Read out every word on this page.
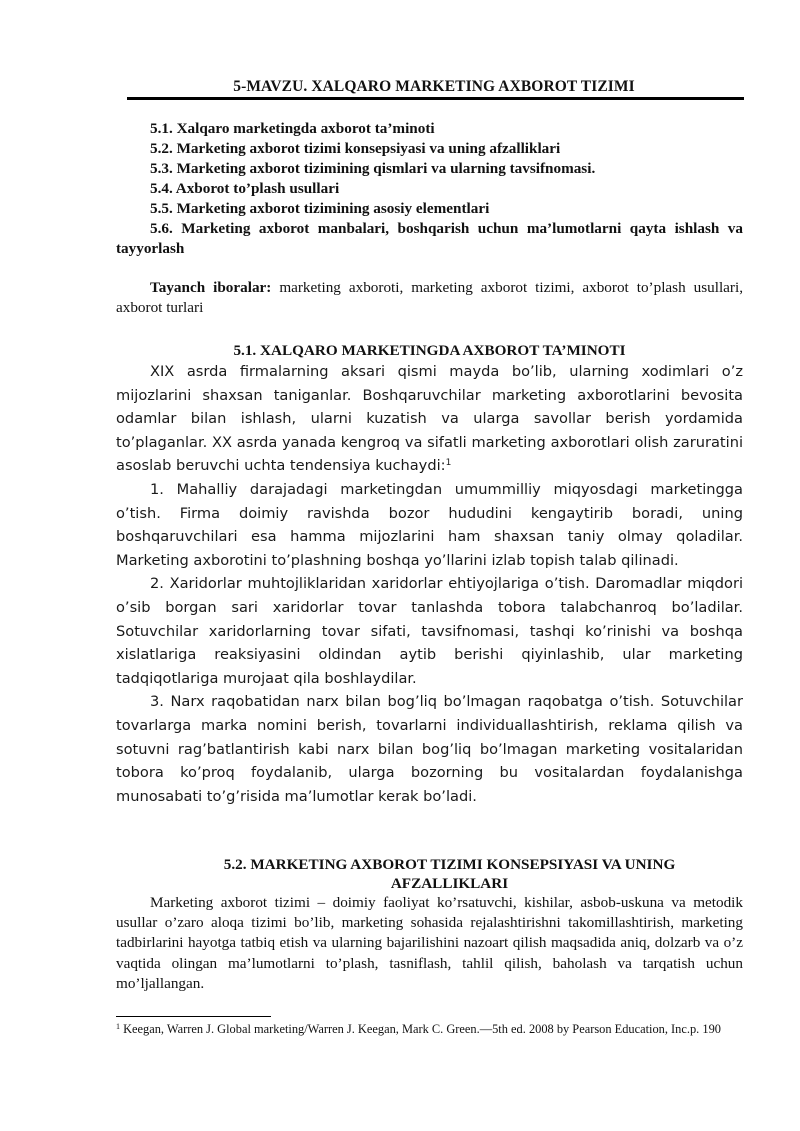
5-MAVZU. XALQARO MARKETING AXBOROT TIZIMI
5.1. Xalqaro marketingda axborot ta’minoti
5.2. Marketing axborot tizimi konsepsiyasi va uning afzalliklari
5.3. Marketing axborot tizimining qismlari va ularning tavsifnomasi.
5.4. Axborot to’plash usullari
5.5. Marketing axborot tizimining asosiy elementlari
5.6. Marketing axborot manbalari, boshqarish uchun ma’lumotlarni qayta ishlash va tayyorlash
Tayanch iboralar: marketing axboroti, marketing axborot tizimi, axborot to’plash usullari, axborot turlari
5.1. XALQARO MARKETINGDA AXBOROT TA’MINOTI

XIX asrda firmalarning aksari qismi mayda bo’lib, ularning xodimlari o’z mijozlarini shaxsan taniganlar. Boshqaruvchilar marketing axborotlarini bevosita odamlar bilan ishlash, ularni kuzatish va ularga savollar berish yordamida to’plaganlar. XX asrda yanada kengroq va sifatli marketing axborotlari olish zaruratini asoslab beruvchi uchta tendensiya kuchaydi:$^1$

1. Mahalliy darajadagi marketingdan umummilliy miqyosdagi marketingga o’tish. Firma doimiy ravishda bozor hududini kengaytirib boradi, uning boshqaruvchilari esa hamma mijozlarini ham shaxsan taniy olmay qoladilar. Marketing axborotini to’plashning boshqa yo’llarini izlab topish talab qilinadi.

2. Xaridorlar muhtojliklaridan xaridorlar ehtiyojlariga o’tish. Daromadlar miqdori o’sib borgan sari xaridorlar tovar tanlashda tobora talabchanroq bo’ladilar. Sotuvchilar xaridorlarning tovar sifati, tavsifnomasi, tashqi ko’rinishi va boshqa xislatlariga reaksiyasini oldindan aytib berishi qiyinlashib, ular marketing tadqiqotlariga murojaat qila boshlaydilar.

3. Narx raqobatidan narx bilan bog’liq bo’lmagan raqobatga o’tish. Sotuvchilar tovarlarga marka nomini berish, tovarlarni individuallashtirish, reklama qilish va sotuvni rag’batlantirish kabi narx bilan bog’liq bo’lmagan marketing vositalaridan tobora ko’proq foydalanib, ularga bozorning bu vositalardan foydalanishga munosabati to’g’risida ma’lumotlar kerak bo’ladi.

5.2. MARKETING AXBOROT TIZIMI KONSEPSIYASI VA UNING
AFZALLIKLARI

Marketing axborot tizimi – doimiy faoliyat ko’rsatuvchi, kishilar, asbob-uskuna va metodik usullar o’zaro aloqa tizimi bo’lib, marketing sohasida rejalashtirishni takomillashtirish, marketing tadbirlarini hayotga tatbiq etish va ularning bajarilishini nazoart qilish maqsadida aniq, dolzarb va o’z vaqtida olingan ma’lumotlarni to’plash, tasniflash, tahlil qilish, baholash va tarqatish uchun mo’ljallangan.

$^1$ Keegan, Warren J. Global marketing/Warren J. Keegan, Mark C. Green.—5th ed. 2008 by Pearson Education, Inc.p. 190
